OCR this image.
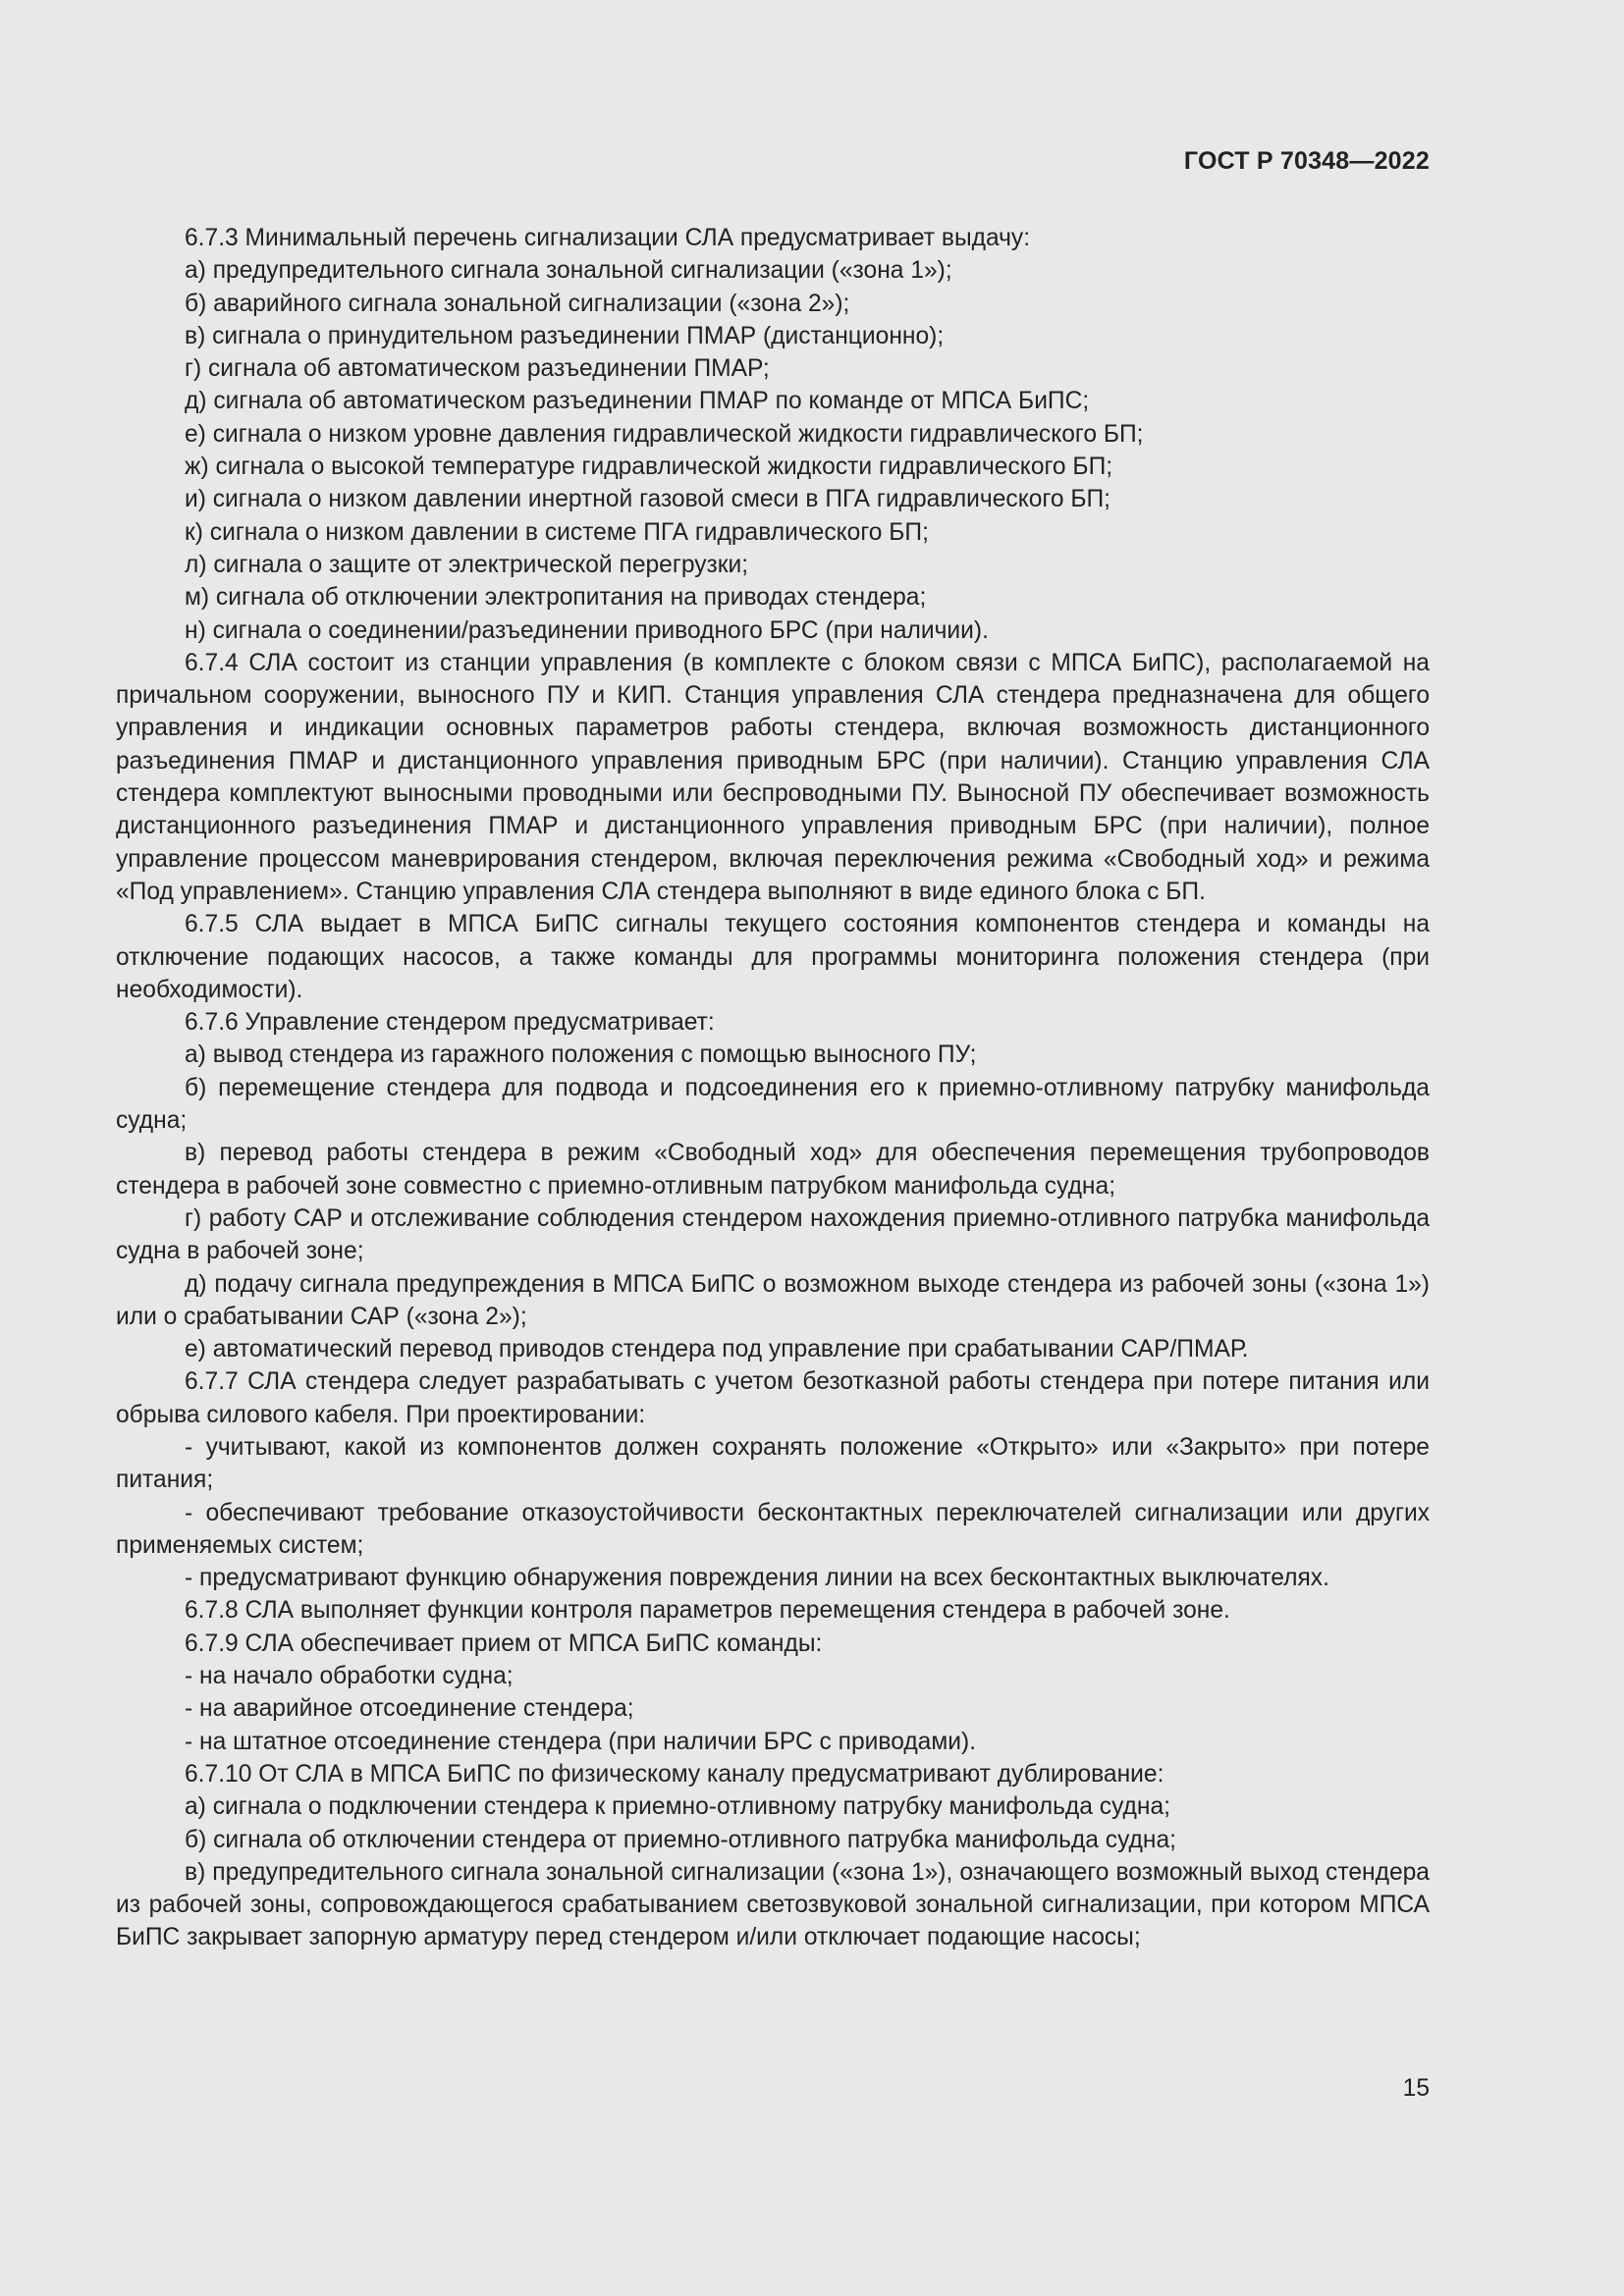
ГОСТ Р 70348—2022

6.7.3 Минимальный перечень сигнализации СЛА предусматривает выдачу:

а) предупредительного сигнала зональной сигнализации («зона 1»);

б) аварийного сигнала зональной сигнализации («зона 2»);

в) сигнала о принудительном разъединении ПМАР (дистанционно);

г) сигнала об автоматическом разъединении ПМАР;

д) сигнала об автоматическом разъединении ПМАР по команде от МПСА БиПС;

е) сигнала о низком уровне давления гидравлической жидкости гидравлического БП;

ж) сигнала о высокой температуре гидравлической жидкости гидравлического БП;

и) сигнала о низком давлении инертной газовой смеси в ПГА гидравлического БП;

к) сигнала о низком давлении в системе ПГА гидравлического БП;

л) сигнала о защите от электрической перегрузки;

м) сигнала об отключении электропитания на приводах стендера;

н) сигнала о соединении/разъединении приводного БРС (при наличии).

6.7.4 СЛА состоит из станции управления (в комплекте с блоком связи с МПСА БиПС), располагаемой на причальном сооружении, выносного ПУ и КИП. Станция управления СЛА стендера предназначена для общего управления и индикации основных параметров работы стендера, включая возможность дистанционного разъединения ПМАР и дистанционного управления приводным БРС (при наличии). Станцию управления СЛА стендера комплектуют выносными проводными или беспроводными ПУ. Выносной ПУ обеспечивает возможность дистанционного разъединения ПМАР и дистанционного управления приводным БРС (при наличии), полное управление процессом маневрирования стендером, включая переключения режима «Свободный ход» и режима «Под управлением». Станцию управления СЛА стендера выполняют в виде единого блока с БП.

6.7.5 СЛА выдает в МПСА БиПС сигналы текущего состояния компонентов стендера и команды на отключение подающих насосов, а также команды для программы мониторинга положения стендера (при необходимости).

6.7.6 Управление стендером предусматривает:

а) вывод стендера из гаражного положения с помощью выносного ПУ;

б) перемещение стендера для подвода и подсоединения его к приемно-отливному патрубку манифольда судна;

в) перевод работы стендера в режим «Свободный ход» для обеспечения перемещения трубопроводов стендера в рабочей зоне совместно с приемно-отливным патрубком манифольда судна;

г) работу САР и отслеживание соблюдения стендером нахождения приемно-отливного патрубка манифольда судна в рабочей зоне;

д) подачу сигнала предупреждения в МПСА БиПС о возможном выходе стендера из рабочей зоны («зона 1») или о срабатывании САР («зона 2»);

е) автоматический перевод приводов стендера под управление при срабатывании САР/ПМАР.

6.7.7 СЛА стендера следует разрабатывать с учетом безотказной работы стендера при потере питания или обрыва силового кабеля. При проектировании:

- учитывают, какой из компонентов должен сохранять положение «Открыто» или «Закрыто» при потере питания;

- обеспечивают требование отказоустойчивости бесконтактных переключателей сигнализации или других применяемых систем;

- предусматривают функцию обнаружения повреждения линии на всех бесконтактных выключателях.

6.7.8 СЛА выполняет функции контроля параметров перемещения стендера в рабочей зоне.

6.7.9 СЛА обеспечивает прием от МПСА БиПС команды:

- на начало обработки судна;

- на аварийное отсоединение стендера;

- на штатное отсоединение стендера (при наличии БРС с приводами).

6.7.10 От СЛА в МПСА БиПС по физическому каналу предусматривают дублирование:

а) сигнала о подключении стендера к приемно-отливному патрубку манифольда судна;

б) сигнала об отключении стендера от приемно-отливного патрубка манифольда судна;

в) предупредительного сигнала зональной сигнализации («зона 1»), означающего возможный выход стендера из рабочей зоны, сопровождающегося срабатыванием светозвуковой зональной сигнализации, при котором МПСА БиПС закрывает запорную арматуру перед стендером и/или отключает подающие насосы;

15
